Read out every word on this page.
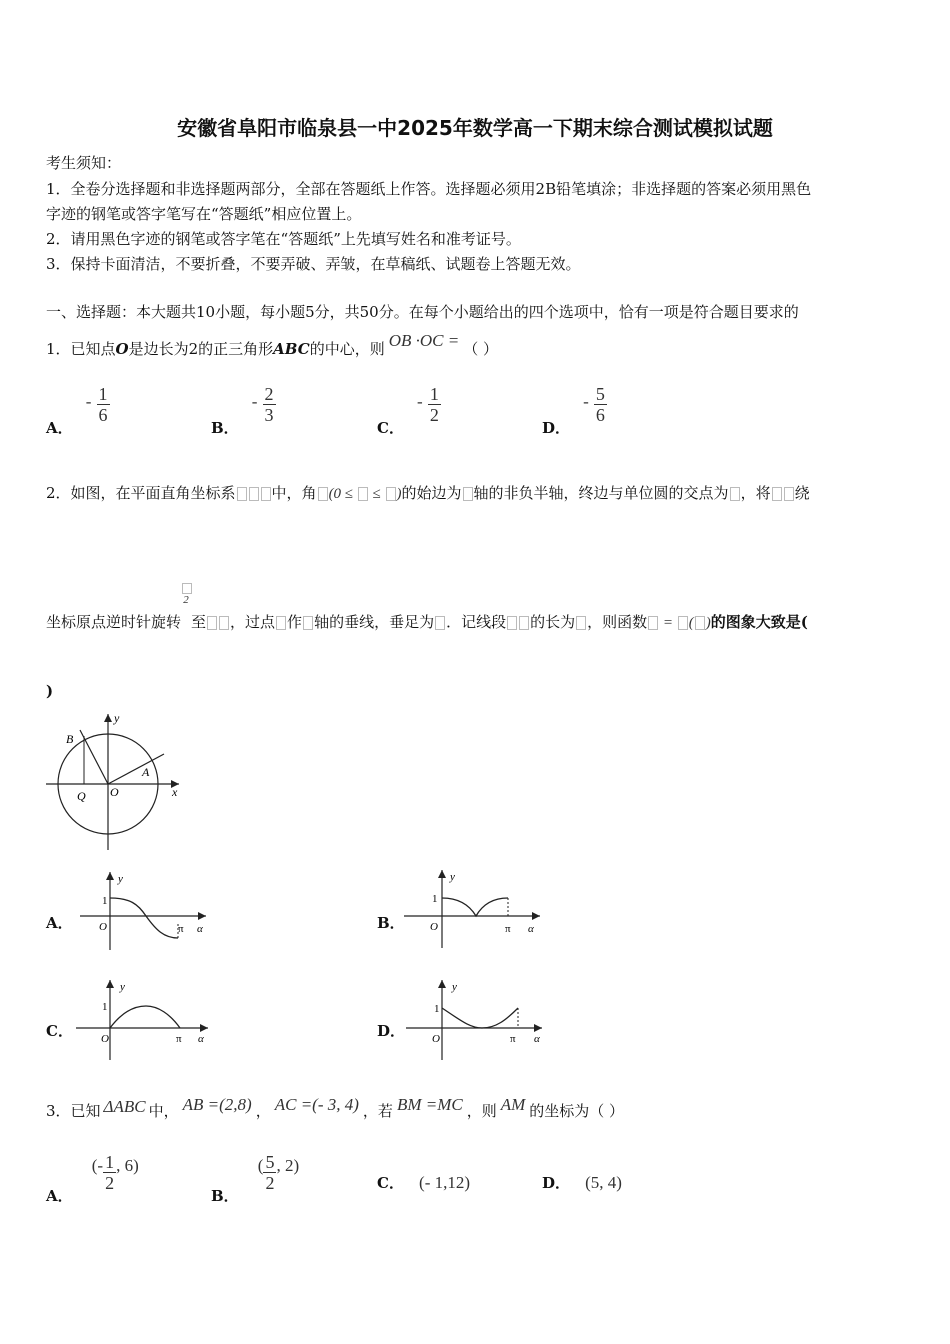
安徽省阜阳市临泉县一中2025年数学高一下期末综合测试模拟试题
考生须知：
1．全卷分选择题和非选择题两部分，全部在答题纸上作答。选择题必须用2B铅笔填涂；非选择题的答案必须用黑色
字迹的钢笔或答字笔写在“答题纸”相应位置上。
2．请用黑色字迹的钢笔或答字笔在“答题纸”上先填写姓名和准考证号。
3．保持卡面清洁，不要折叠，不要弄破、弄皱，在草稿纸、试题卷上答题无效。
一、选择题：本大题共10小题，每小题5分，共50分。在每个小题给出的四个选项中，恰有一项是符合题目要求的
1．已知点O是边长为2的正三角形ABC的中心，则 OB ·OC = （ ）
A． - $\frac{1}{6}$
B． - $\frac{2}{3}$
C． - $\frac{1}{2}$
D． - $\frac{5}{6}$
2．如图，在平面直角坐标系 中，角 (0 ≤  ≤ )的始边为 轴的非负半轴，终边与单位圆的交点为 ，将 绕
坐标原点逆时针旋转
2至 ，过点 作 轴的垂线，垂足为 ．记线段 的长为 ，则函数 = ( )的图象大致是(
)
B
A
Q O	x
y
A．
1
O	π α
y
B．
1
O	π α
y
C．
1
O	π α
y
D．
1
O	π α
y
3．已知 ΔABC 中， AB =(2,8) ， AC =(- 3, 4) ，若 BM =MC ，则 AM 的坐标为（ ）
A． (- $\frac{1}{2}$ , 6)
B． ( $\frac{5}{2}$ , 2)
C． (- 1,12)	D． (5, 4)
